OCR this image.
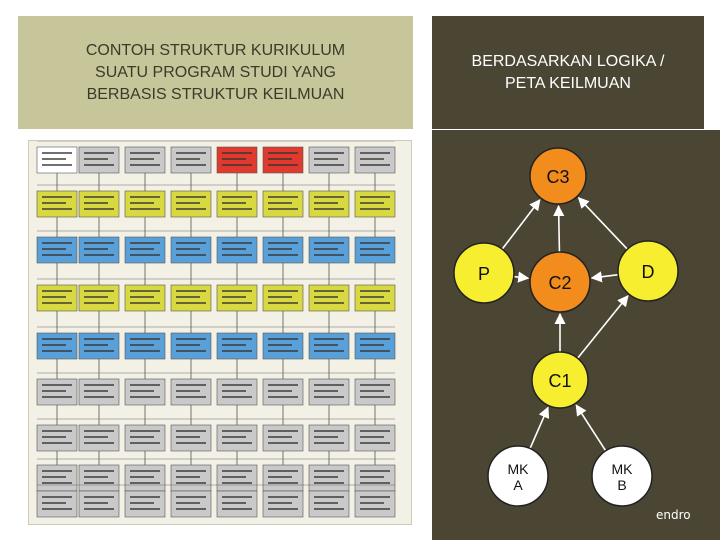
CONTOH STRUKTUR KURIKULUM
SUATU PROGRAM STUDI YANG
BERBASIS STRUKTUR KEILMUAN
BERDASARKAN LOGIKA /
PETA KEILMUAN
C3
P	C2
D
C1
MK
A
MK
B
endro
